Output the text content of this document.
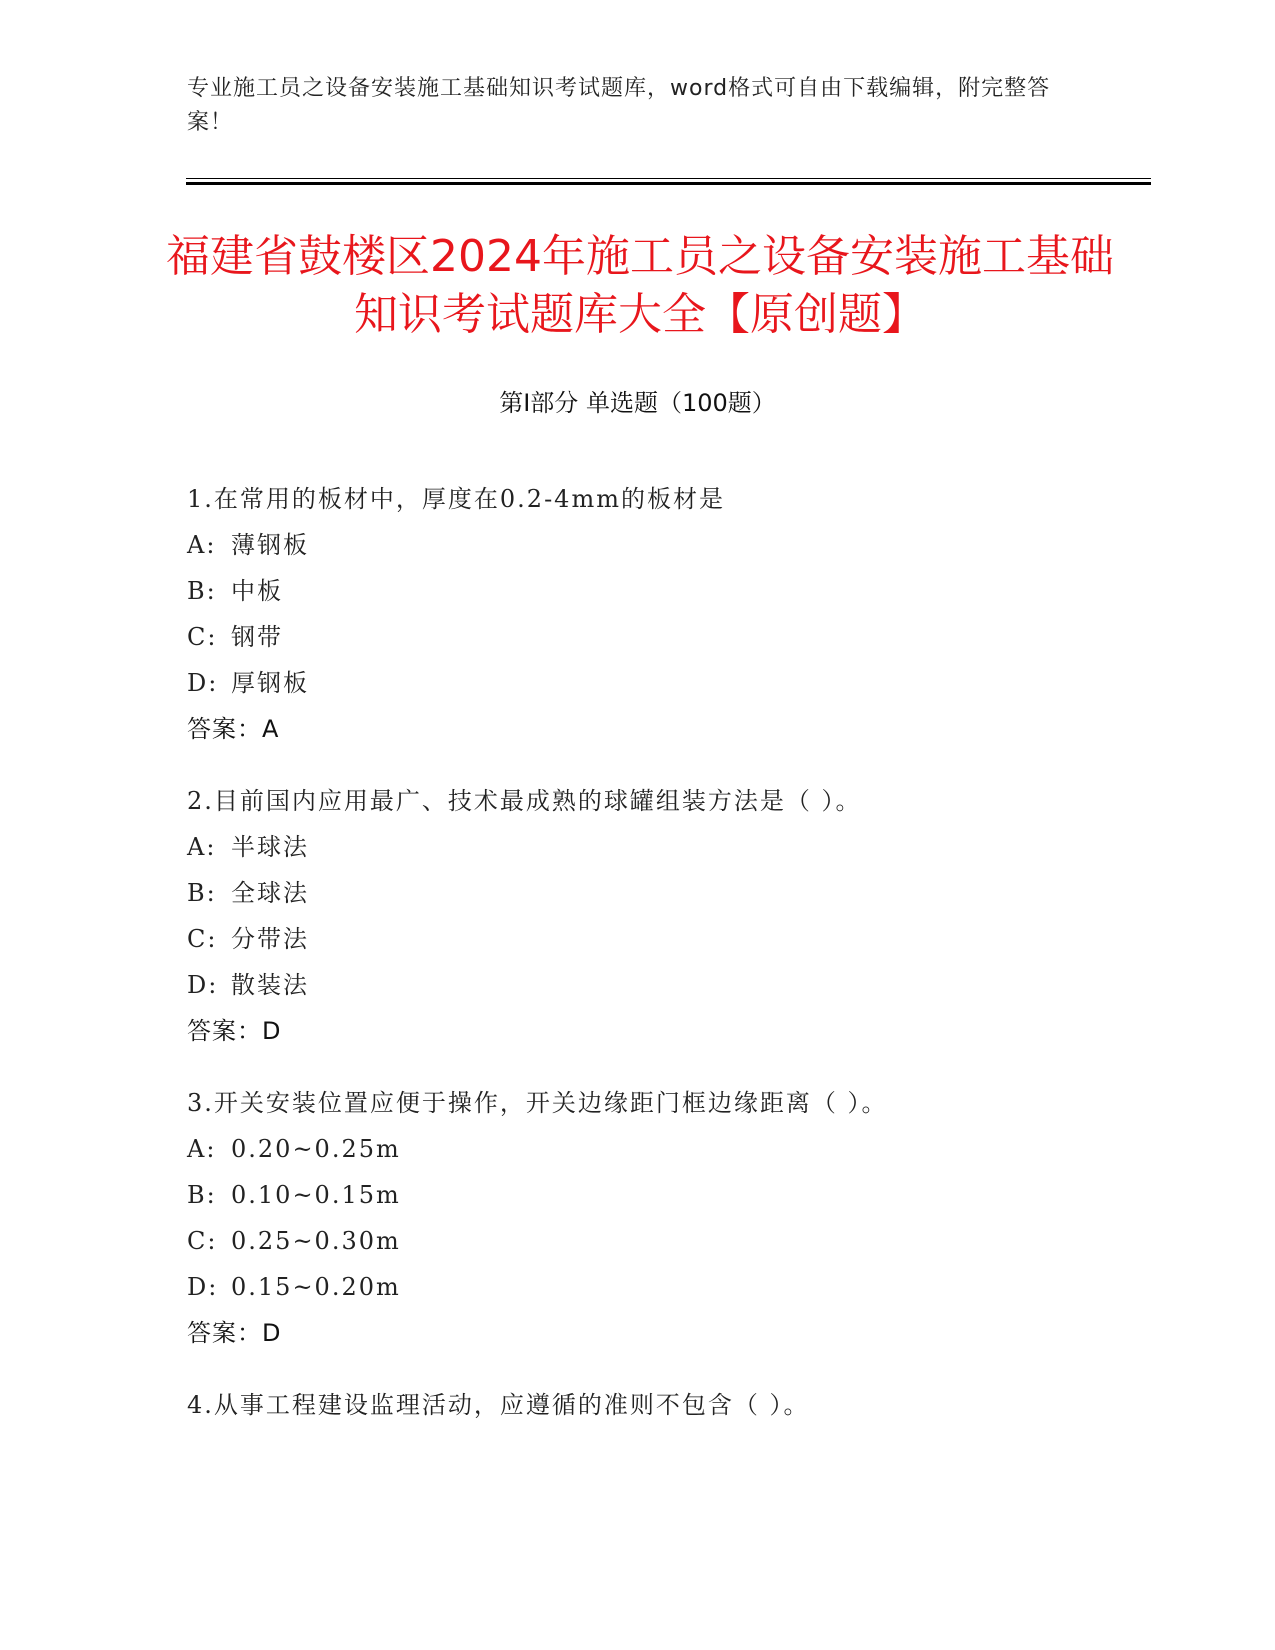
专业施工员之设备安装施工基础知识考试题库，word格式可自由下载编辑，附完整答案！
福建省鼓楼区2024年施工员之设备安装施工基础知识考试题库大全【原创题】
第Ⅰ部分 单选题（100题）
1.在常用的板材中，厚度在0.2-4mm的板材是
A: 薄钢板
B: 中板
C: 钢带
D: 厚钢板
答案：A
2.目前国内应用最广、技术最成熟的球罐组装方法是（ ）。
A: 半球法
B: 全球法
C: 分带法
D: 散装法
答案：D
3.开关安装位置应便于操作，开关边缘距门框边缘距离（ ）。
A: 0.20~0.25m
B: 0.10~0.15m
C: 0.25~0.30m
D: 0.15~0.20m
答案：D
4.从事工程建设监理活动，应遵循的准则不包含（ ）。
